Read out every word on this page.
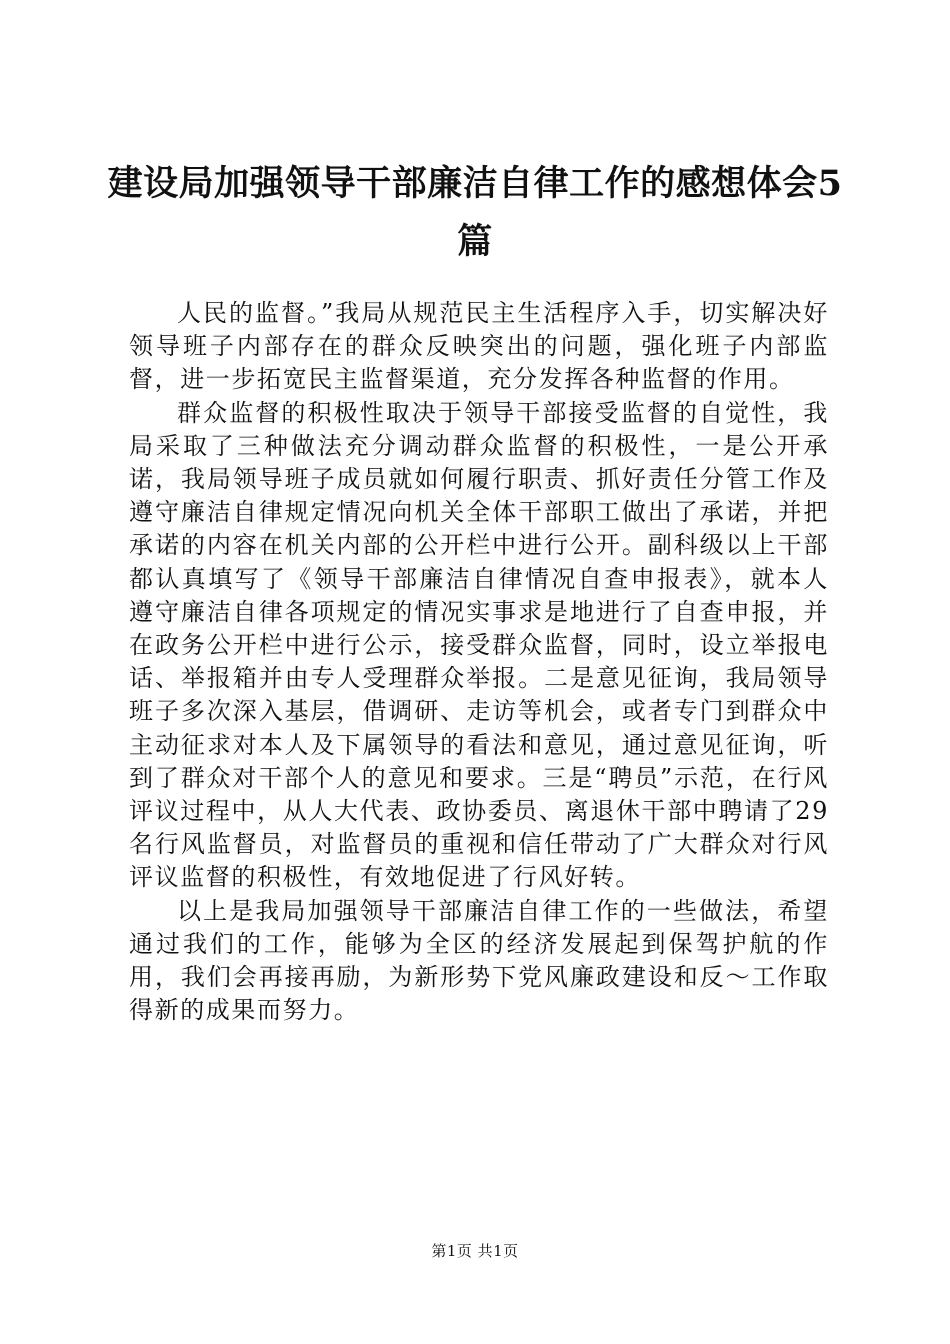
建设局加强领导干部廉洁自律工作的感想体会5篇

人民的监督。”我局从规范民主生活程序入手，切实解决好领导班子内部存在的群众反映突出的问题，强化班子内部监督，进一步拓宽民主监督渠道，充分发挥各种监督的作用。

群众监督的积极性取决于领导干部接受监督的自觉性，我局采取了三种做法充分调动群众监督的积极性，一是公开承诺，我局领导班子成员就如何履行职责、抓好责任分管工作及遵守廉洁自律规定情况向机关全体干部职工做出了承诺，并把承诺的内容在机关内部的公开栏中进行公开。副科级以上干部都认真填写了《领导干部廉洁自律情况自查申报表》，就本人遵守廉洁自律各项规定的情况实事求是地进行了自查申报，并在政务公开栏中进行公示，接受群众监督，同时，设立举报电话、举报箱并由专人受理群众举报。二是意见征询，我局领导班子多次深入基层，借调研、走访等机会，或者专门到群众中主动征求对本人及下属领导的看法和意见，通过意见征询，听到了群众对干部个人的意见和要求。三是“聘员”示范，在行风评议过程中，从人大代表、政协委员、离退休干部中聘请了29名行风监督员，对监督员的重视和信任带动了广大群众对行风评议监督的积极性，有效地促进了行风好转。

以上是我局加强领导干部廉洁自律工作的一些做法，希望通过我们的工作，能够为全区的经济发展起到保驾护航的作用，我们会再接再励，为新形势下党风廉政建设和反～工作取得新的成果而努力。

第1页 共1页
